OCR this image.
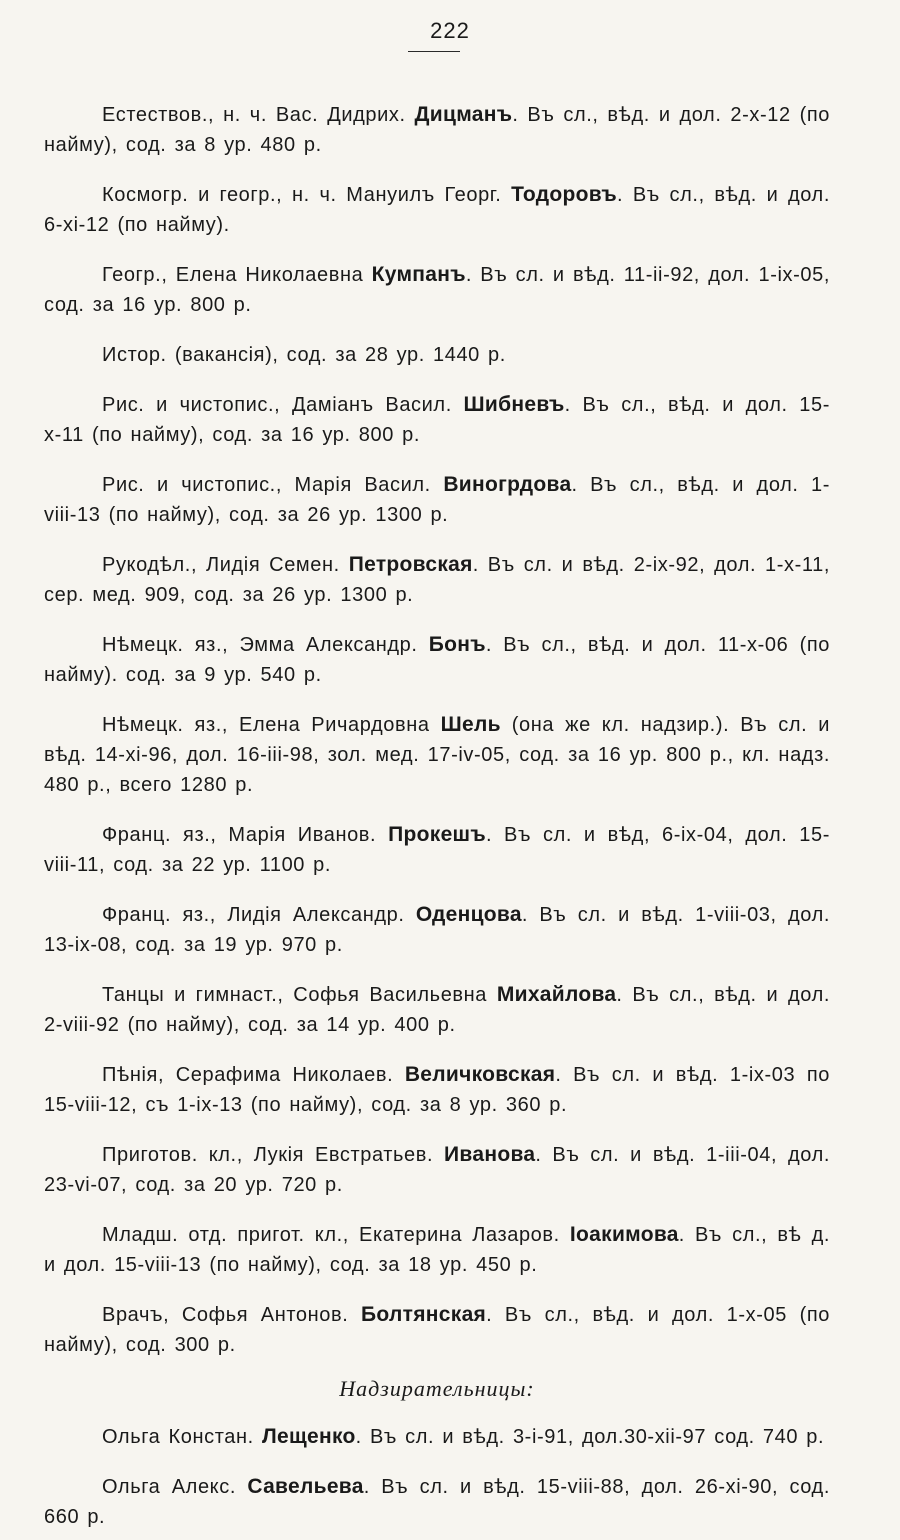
222

Естествов., н. ч. Вас. Дидрих. Дицманъ. Въ сл., вѣд. и дол. 2-х-12 (по найму), сод. за 8 ур. 480 р.

Космогр. и геогр., н. ч. Мануилъ Георг. Тодоровъ. Въ сл., вѣд. и дол. 6-хі-12 (по найму).

Геогр., Елена Николаевна Кумпанъ. Въ сл. и вѣд. 11-іі-92, дол. 1-іх-05, сод. за 16 ур. 800 р.

Истор. (вакансія), сод. за 28 ур. 1440 р.

Рис. и чистопис., Даміанъ Васил. Шибневъ. Въ сл., вѣд. и дол. 15-х-11 (по найму), сод. за 16 ур. 800 р.

Рис. и чистопис., Марія Васил. Виногрдова. Въ сл., вѣд. и дол. 1-vііі-13 (по найму), сод. за 26 ур. 1300 р.

Рукодѣл., Лидія Семен. Петровская. Въ сл. и вѣд. 2-іх-92, дол. 1-х-11, сер. мед. 909, сод. за 26 ур. 1300 р.

Нѣмецк. яз., Эмма Александр. Бонъ. Въ сл., вѣд. и дол. 11-х-06 (по найму). сод. за 9 ур. 540 р.

Нѣмецк. яз., Елена Ричардовна Шель (она же кл. надзир.). Въ сл. и вѣд. 14-хі-96, дол. 16-ііі-98, зол. мед. 17-іv-05, сод. за 16 ур. 800 р., кл. надз. 480 р., всего 1280 р.

Франц. яз., Марія Иванов. Прокешъ. Въ сл. и вѣд, 6-іх-04, дол. 15-vііі-11, сод. за 22 ур. 1100 р.

Франц. яз., Лидія Александр. Оденцова. Въ сл. и вѣд. 1-vііі-03, дол. 13-іх-08, сод. за 19 ур. 970 р.

Танцы и гимнаст., Софья Васильевна Михайлова. Въ сл., вѣд. и дол. 2-vііі-92 (по найму), сод. за 14 ур. 400 р.

Пѣнія, Серафима Николаев. Величковская. Въ сл. и вѣд. 1-іх-03 по 15-vііі-12, съ 1-іх-13 (по найму), сод. за 8 ур. 360 р.

Приготов. кл., Лукія Евстратьев. Иванова. Въ сл. и вѣд. 1-ііі-04, дол. 23-vі-07, сод. за 20 ур. 720 р.

Младш. отд. пригот. кл., Екатерина Лазаров. Іоакимова. Въ сл., вѣ д. и дол. 15-vііі-13 (по найму), сод. за 18 ур. 450 р.

Врачъ, Софья Антонов. Болтянская. Въ сл., вѣд. и дол. 1-х-05 (по найму), сод. 300 р.

Надзирательницы:

Ольга Констан. Лещенко. Въ сл. и вѣд. 3-і-91, дол.30-хіі-97 сод. 740 р.

Ольга Алекс. Савельева. Въ сл. и вѣд. 15-vііі-88, дол. 26-хі-90, сод. 660 р.
